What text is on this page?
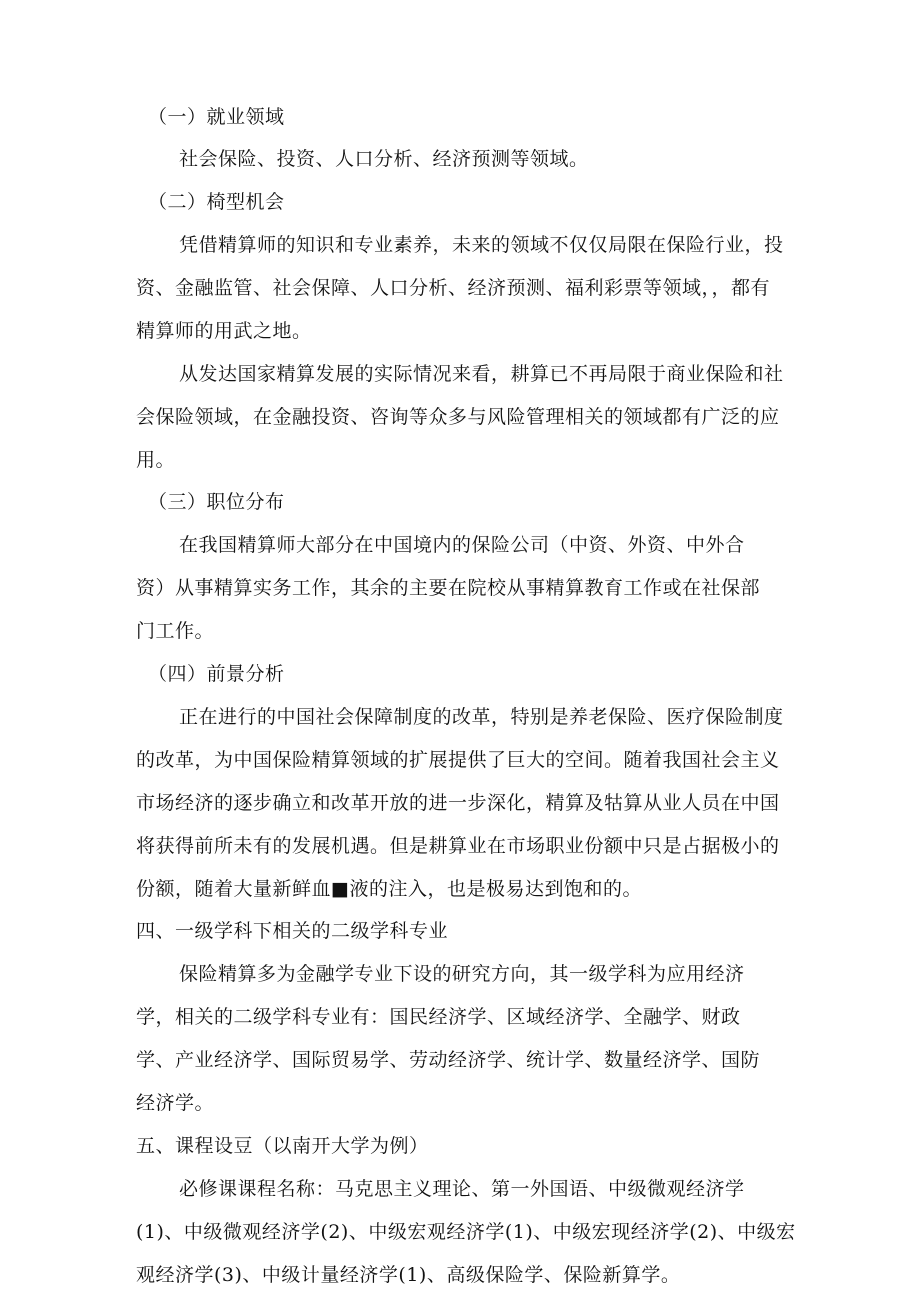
（一）就业领域
社会保险、投资、人口分析、经济预测等领域。
（二）椅型机会
凭借精算师的知识和专业素养，未来的领域不仅仅局限在保险行业，投
资、金融监管、社会保障、人口分析、经济预测、福利彩票等领域，，都有
精算师的用武之地。
从发达国家精算发展的实际情况来看，耕算已不再局限于商业保险和社
会保险领域，在金融投资、咨询等众多与风险管理相关的领域都有广泛的应
用。
（三）职位分布
在我国精算师大部分在中国境内的保险公司（中资、外资、中外合
资）从事精算实务工作，其余的主要在院校从事精算教育工作或在社保部
门工作。
（四）前景分析
正在进行的中国社会保障制度的改革，特别是养老保险、医疗保险制度
的改革，为中国保险精算领域的扩展提供了巨大的空间。随着我国社会主义
市场经济的逐步确立和改革开放的进一步深化，精算及牯算从业人员在中国
将获得前所未有的发展机遇。但是耕算业在市场职业份额中只是占据极小的
份额，随着大量新鲜血■液的注入，也是极易达到饱和的。
四、一级学科下相关的二级学科专业
保险精算多为金融学专业下设的研究方向，其一级学科为应用经济
学，相关的二级学科专业有：国民经济学、区域经济学、全融学、财政
学、产业经济学、国际贸易学、劳动经济学、统计学、数量经济学、国防
经济学。
五、课程设豆（以南开大学为例）
必修课课程名称：马克思主义理论、第一外国语、中级微观经济学
(1)、中级微观经济学(2)、中级宏观经济学(1)、中级宏现经济学(2)、中级宏
观经济学(3)、中级计量经济学(1)、高级保险学、保险新算学。
